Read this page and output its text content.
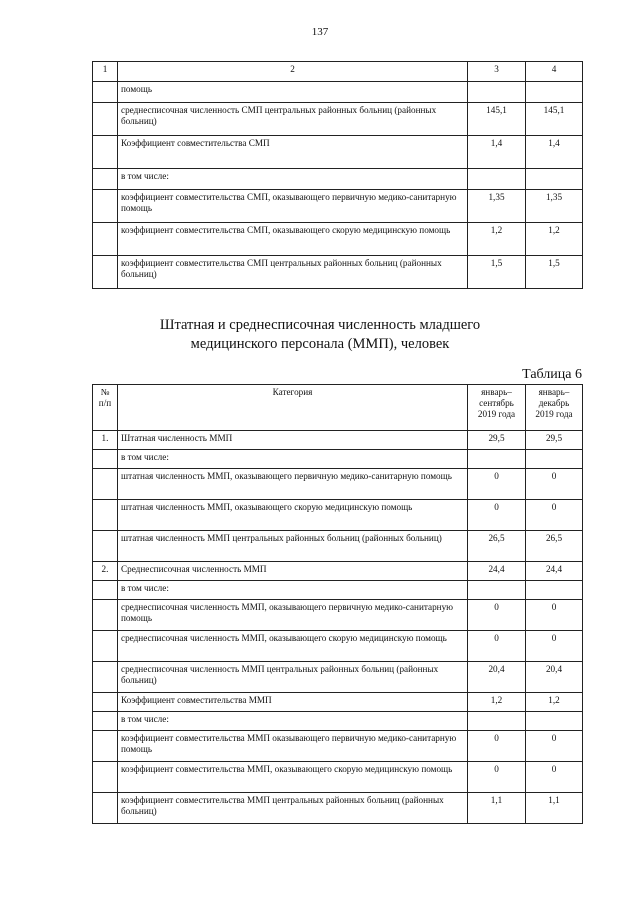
137
1	2	3	4
	помощь		
	среднесписочная численность СМП центральных районных больниц (районных больниц)	145,1	145,1
	Коэффициент совместительства СМП	1,4	1,4
	в том числе:		
	коэффициент совместительства СМП, оказывающего первичную медико-санитарную помощь	1,35	1,35
	коэффициент совместительства СМП, оказывающего скорую медицинскую помощь	1,2	1,2
	коэффициент совместительства СМП центральных районных больниц (районных больниц)	1,5	1,5
Штатная и среднесписочная численность младшего
медицинского персонала (ММП), человек
Таблица 6
№ п/п	Категория	январь–сентябрь 2019 года	январь–декабрь 2019 года
1.	Штатная численность ММП	29,5	29,5
	в том числе:		
	штатная численность ММП, оказывающего первичную медико-санитарную помощь	0	0
	штатная численность ММП, оказывающего скорую медицинскую помощь	0	0
	штатная численность ММП центральных районных больниц (районных больниц)	26,5	26,5
2.	Среднесписочная численность ММП	24,4	24,4
	в том числе:		
	среднесписочная численность ММП, оказывающего первичную медико-санитарную помощь	0	0
	среднесписочная численность ММП, оказывающего скорую медицинскую помощь	0	0
	среднесписочная численность ММП центральных районных больниц (районных больниц)	20,4	20,4
	Коэффициент совместительства ММП	1,2	1,2
	в том числе:		
	коэффициент совместительства ММП оказывающего первичную медико-санитарную помощь	0	0
	коэффициент совместительства ММП, оказывающего скорую медицинскую помощь	0	0
	коэффициент совместительства ММП центральных районных больниц (районных больниц)	1,1	1,1
